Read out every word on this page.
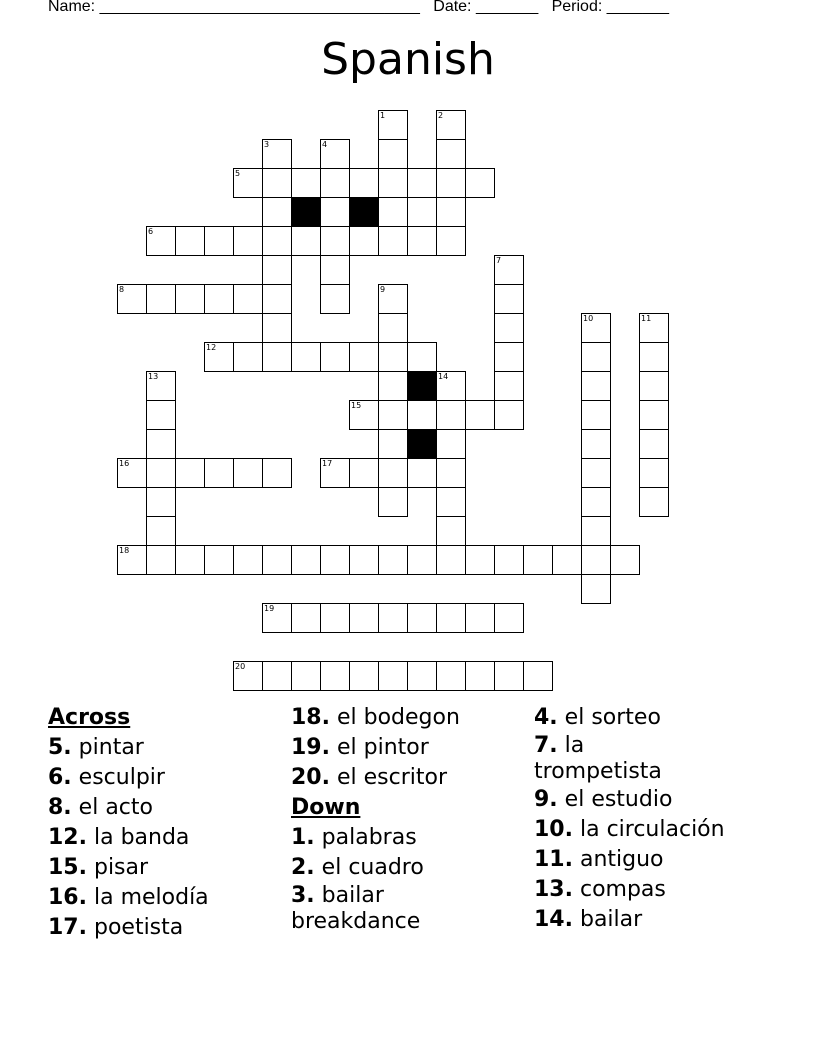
Name: ____________________________________   Date: _______   Period: _______
Spanish
1	2
3	4
5
6
7
8	9
10	11
12
13	14
15
16	17
18
19
20
Across
5. pintar
6. esculpir
8. el acto
12. la banda
15. pisar
16. la melodía
17. poetista
18. el bodegon
19. el pintor
20. el escritor
Down
1. palabras
2. el cuadro
3. bailar breakdance
4. el sorteo
7. la trompetista
9. el estudio
10. la circulación
11. antiguo
13. compas
14. bailar
